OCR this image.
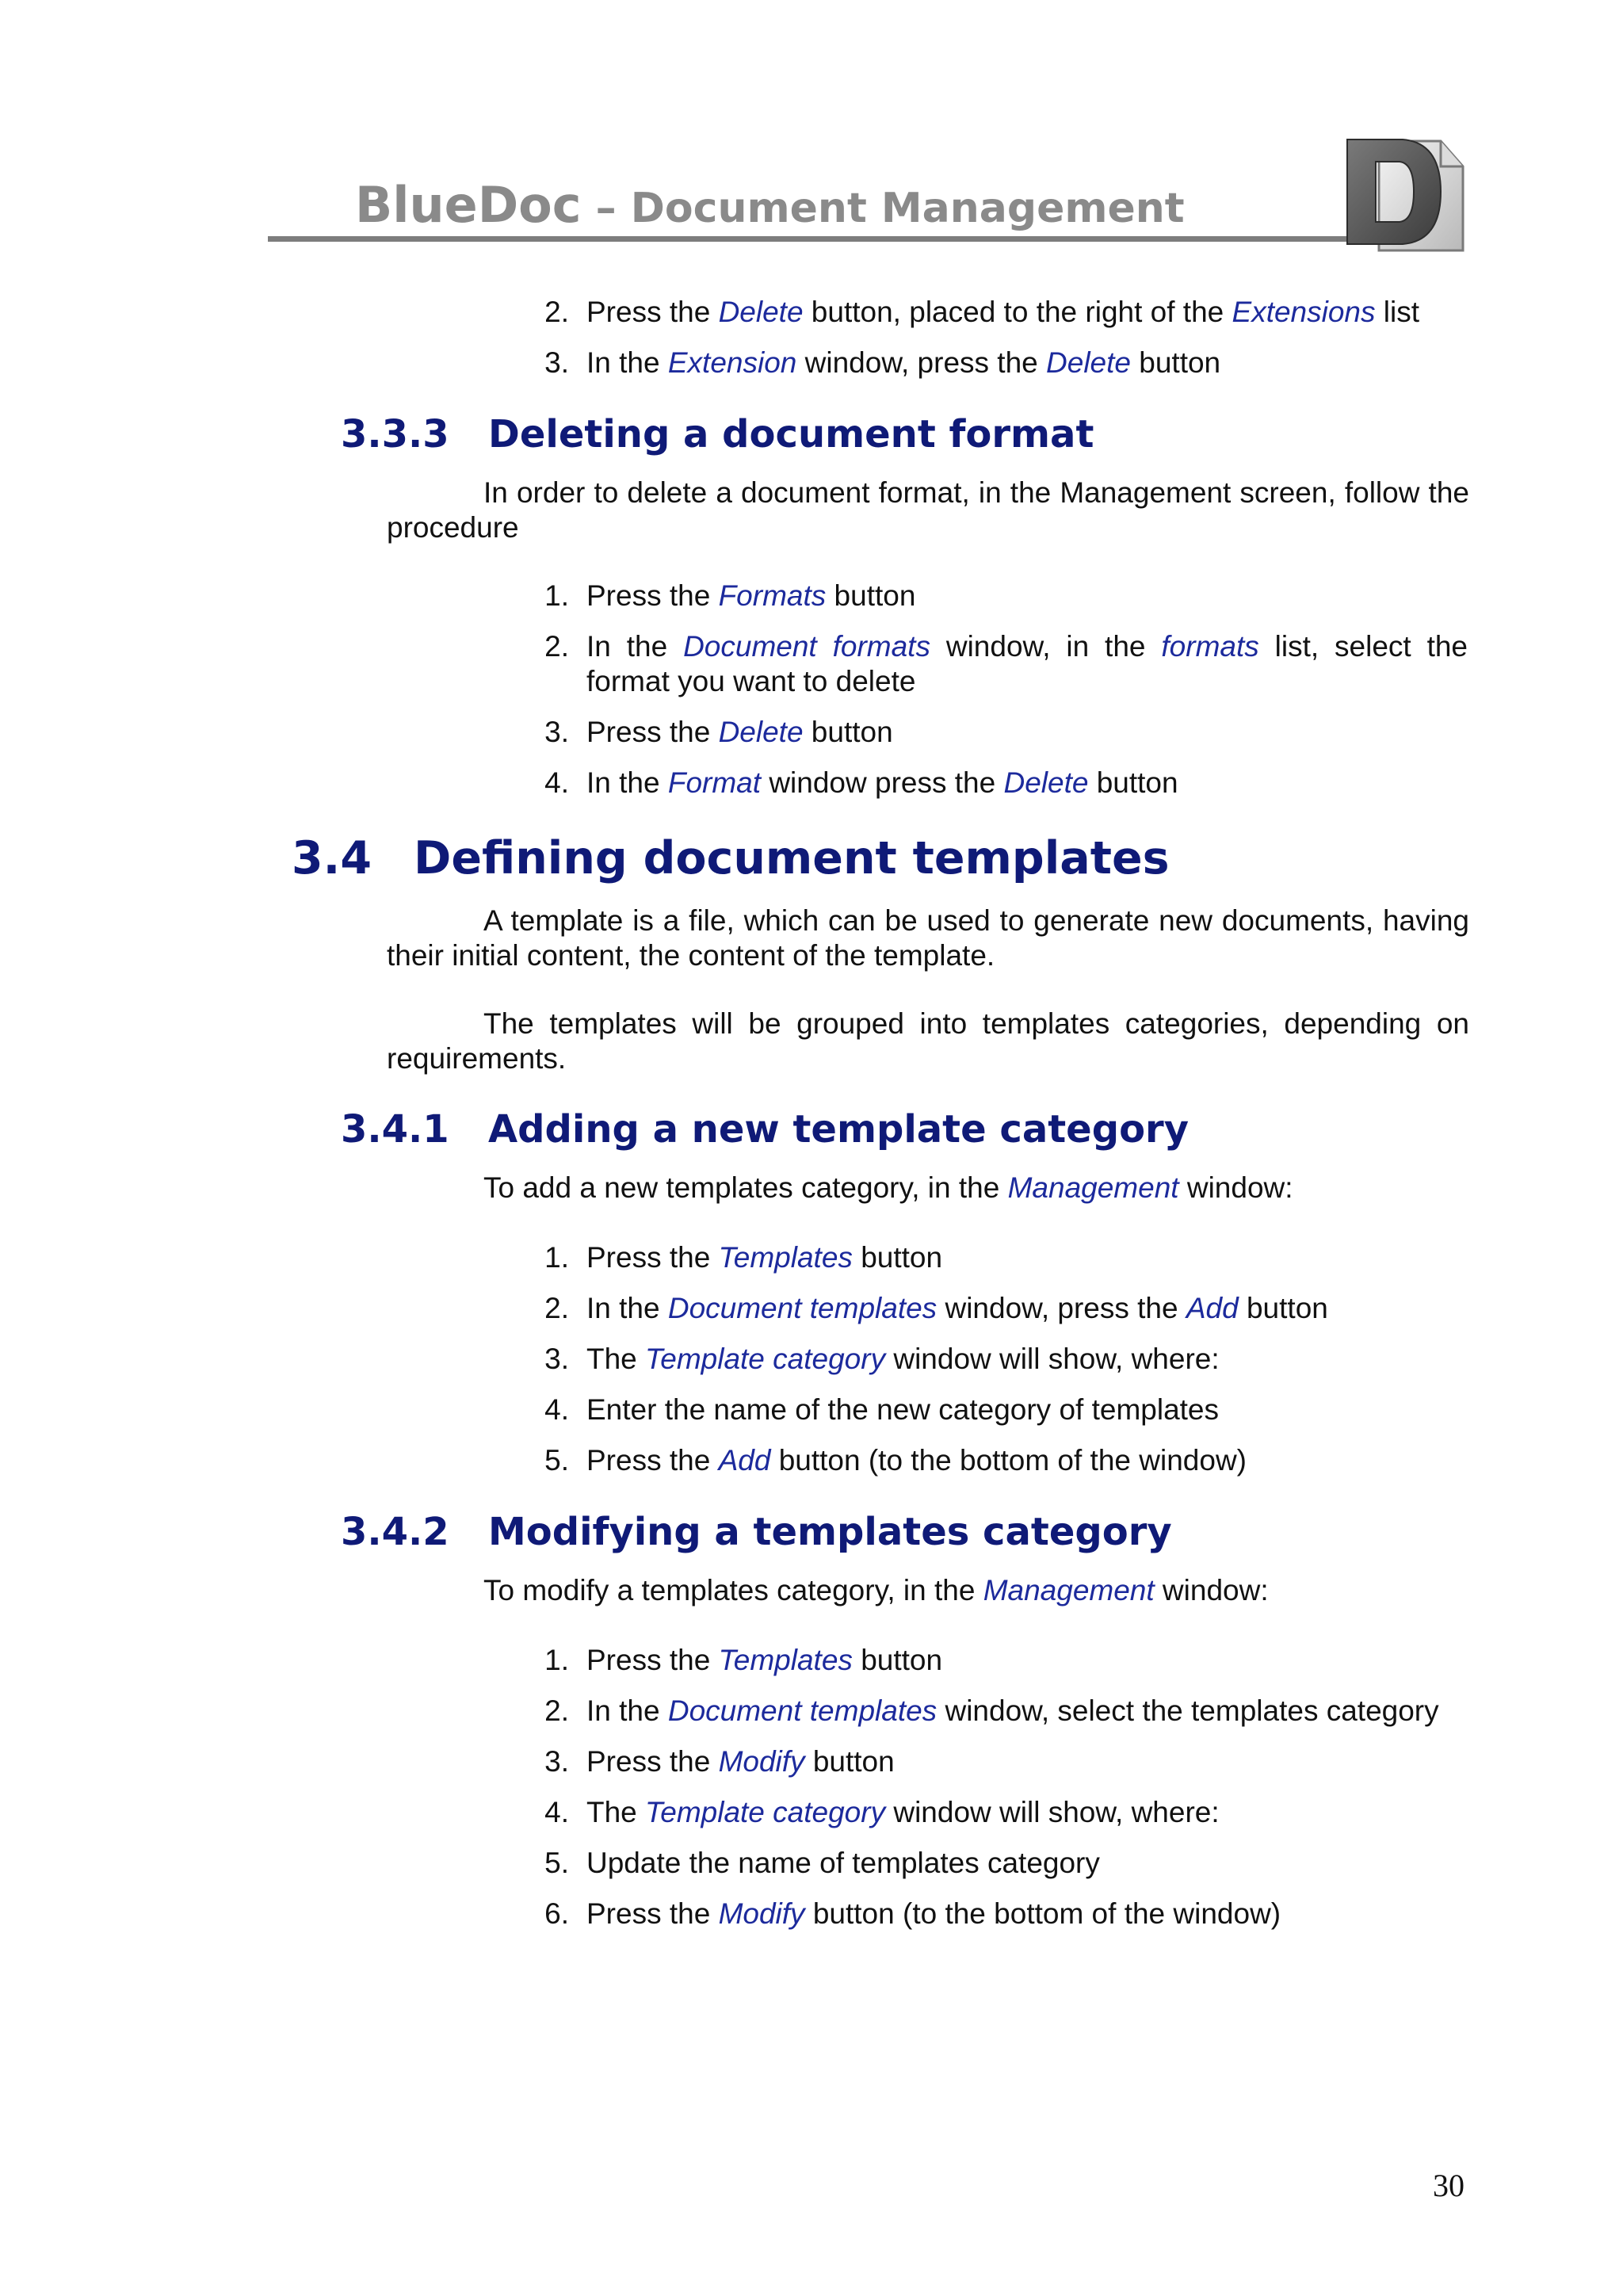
BlueDoc – Document Management
2. Press the Delete button, placed to the right of the Extensions list
3. In the Extension window, press the Delete button
3.3.3 Deleting a document format
In order to delete a document format, in the Management screen, follow the procedure
1. Press the Formats button
2. In the Document formats window, in the formats list, select the format you want to delete
3. Press the Delete button
4. In the Format window press the Delete button
3.4 Defining document templates
A template is a file, which can be used to generate new documents, having their initial content, the content of the template.
The templates will be grouped into templates categories, depending on requirements.
3.4.1 Adding a new template category
To add a new templates category, in the Management window:
1. Press the Templates button
2. In the Document templates window, press the Add button
3. The Template category window will show, where:
4. Enter the name of the new category of templates
5. Press the Add button (to the bottom of the window)
3.4.2 Modifying a templates category
To modify a templates category, in the Management window:
1. Press the Templates button
2. In the Document templates window, select the templates category
3. Press the Modify button
4. The Template category window will show, where:
5. Update the name of templates category
6. Press the Modify button (to the bottom of the window)
30
